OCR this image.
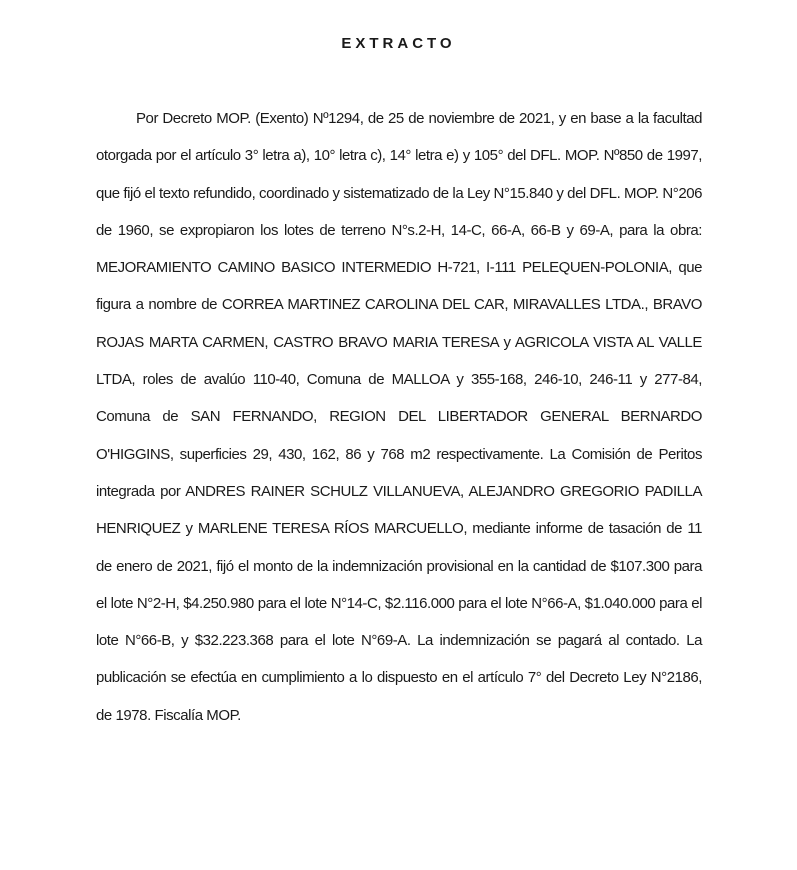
EXTRACTO

Por Decreto MOP. (Exento) Nº1294, de 25 de noviembre de 2021, y en base a la facultad otorgada por el artículo 3° letra a), 10° letra c), 14° letra e) y 105° del DFL. MOP. Nº850 de 1997, que fijó el texto refundido, coordinado y sistematizado de la Ley N°15.840 y del DFL. MOP. N°206 de 1960, se expropiaron los lotes de terreno N°s.2-H, 14-C, 66-A, 66-B y 69-A, para la obra: MEJORAMIENTO CAMINO BASICO INTERMEDIO H-721, I-111 PELEQUEN-POLONIA, que figura a nombre de CORREA MARTINEZ CAROLINA DEL CAR, MIRAVALLES LTDA., BRAVO ROJAS MARTA CARMEN, CASTRO BRAVO MARIA TERESA y AGRICOLA VISTA AL VALLE LTDA, roles de avalúo 110-40, Comuna de MALLOA y 355-168, 246-10, 246-11 y 277-84, Comuna de SAN FERNANDO, REGION DEL LIBERTADOR GENERAL BERNARDO O'HIGGINS, superficies 29, 430, 162, 86 y 768 m2 respectivamente. La Comisión de Peritos integrada por ANDRES RAINER SCHULZ VILLANUEVA, ALEJANDRO GREGORIO PADILLA HENRIQUEZ y MARLENE TERESA RÍOS MARCUELLO, mediante informe de tasación de 11 de enero de 2021, fijó el monto de la indemnización provisional en la cantidad de $107.300 para el lote N°2-H, $4.250.980 para el lote N°14-C, $2.116.000 para el lote N°66-A, $1.040.000 para el lote N°66-B, y $32.223.368 para el lote N°69-A. La indemnización se pagará al contado. La publicación se efectúa en cumplimiento a lo dispuesto en el artículo 7° del Decreto Ley N°2186, de 1978. Fiscalía MOP.
